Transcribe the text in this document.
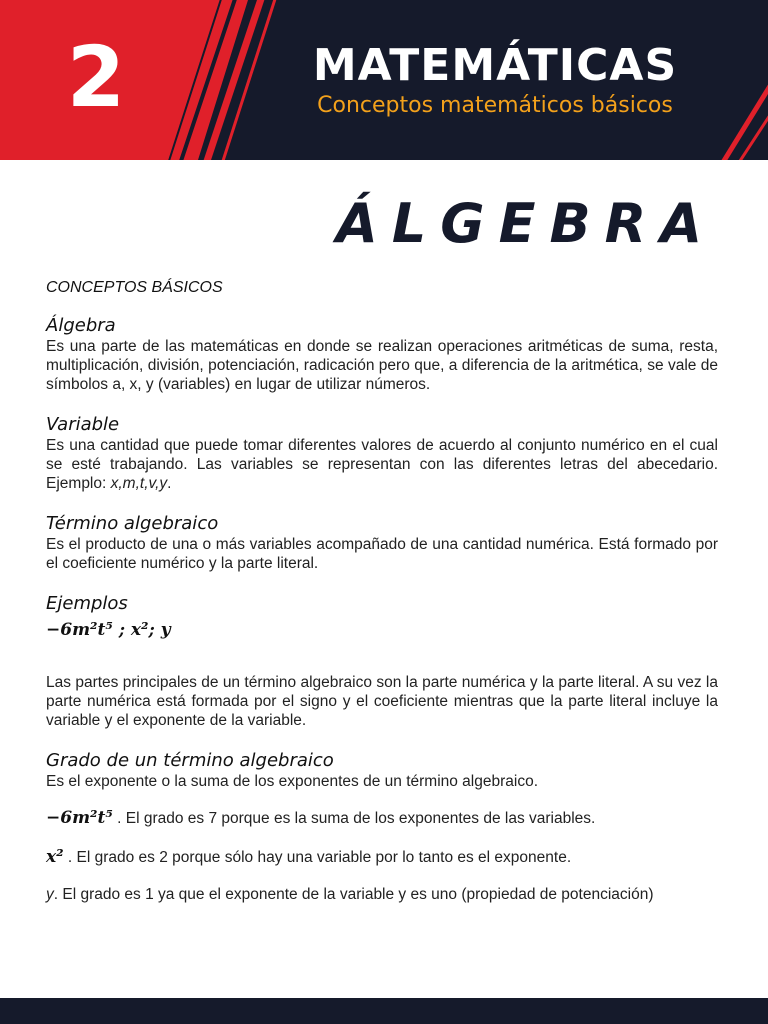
2	MATEMÁTICAS
Conceptos matemáticos básicos
ÁLGEBRA
CONCEPTOS BÁSICOS
Álgebra

Es una parte de las matemáticas en donde se realizan operaciones aritméticas de suma, resta, multiplicación, división, potenciación, radicación pero que, a diferencia de la aritmética, se vale de símbolos a, x, y (variables) en lugar de utilizar números.

Variable

Es una cantidad que puede tomar diferentes valores de acuerdo al conjunto numérico en el cual se esté trabajando. Las variables se representan con las diferentes letras del abecedario. Ejemplo: x,m,t,v,y.

Término algebraico

Es el producto de una o más variables acompañado de una cantidad numérica. Está formado por el coeficiente numérico y la parte literal.

Ejemplos
−6m²t⁵ ; x²; y

Las partes principales de un término algebraico son la parte numérica y la parte literal. A su vez la parte numérica está formada por el signo y el coeficiente mientras que la parte literal incluye la variable y el exponente de la variable.

Grado de un término algebraico

Es el exponente o la suma de los exponentes de un término algebraico.

−6m²t⁵ . El grado es 7 porque es la suma de los exponentes de las variables.

x² . El grado es 2 porque sólo hay una variable por lo tanto es el exponente.

y. El grado es 1 ya que el exponente de la variable y es uno (propiedad de potenciación)
